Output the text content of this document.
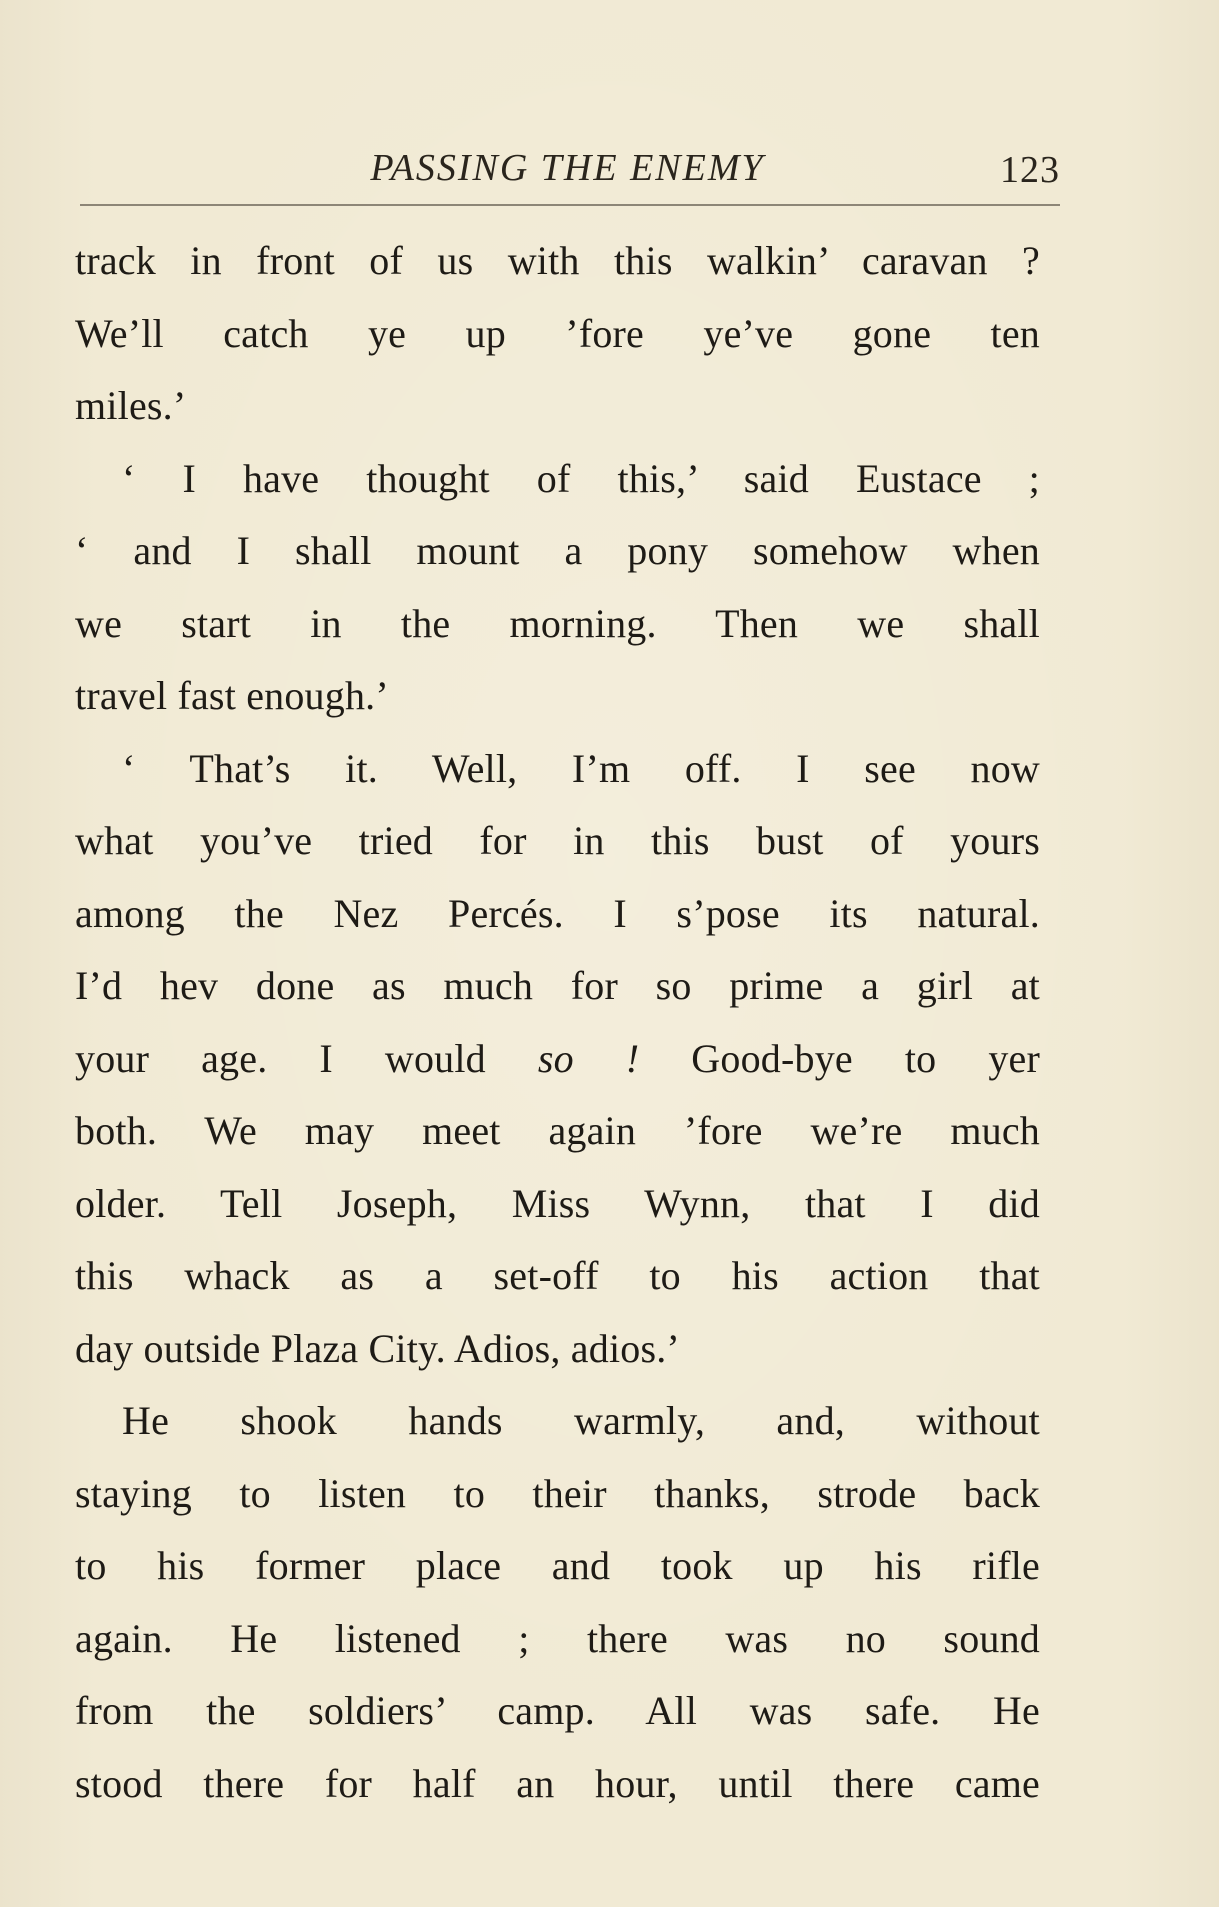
PASSING THE ENEMY	123
track in front of us with this walkin’ caravan ?
We’ll catch ye up ’fore ye’ve gone ten
miles.’
‘ I have thought of this,’ said Eustace ;
‘ and I shall mount a pony somehow when
we start in the morning. Then we shall
travel fast enough.’
‘ That’s it. Well, I’m off. I see now
what you’ve tried for in this bust of yours
among the Nez Percés. I s’pose its natural.
I’d hev done as much for so prime a girl at
your age. I would so ! Good-bye to yer
both. We may meet again ’fore we’re much
older. Tell Joseph, Miss Wynn, that I did
this whack as a set-off to his action that
day outside Plaza City. Adios, adios.’
He shook hands warmly, and, without
staying to listen to their thanks, strode back
to his former place and took up his rifle
again. He listened ; there was no sound
from the soldiers’ camp. All was safe. He
stood there for half an hour, until there came
